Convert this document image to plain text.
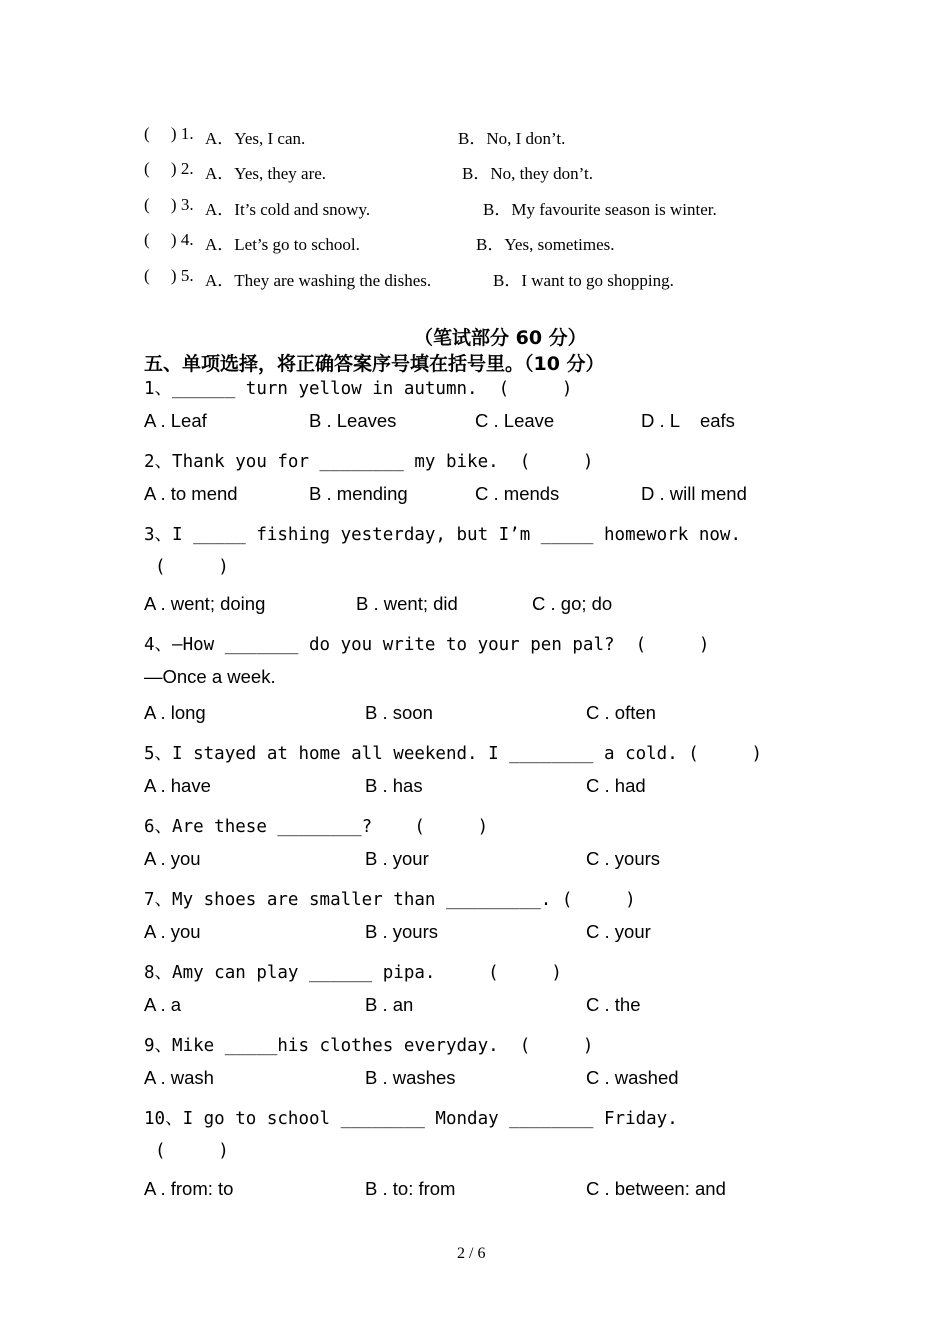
(     ) 1. A．Yes, I can.	B．No, I don’t.
(     ) 2. A．Yes, they are.	B．No, they don’t.
(     ) 3. A．It’s cold and snowy.	B．My favourite season is winter.
(     ) 4. A．Let’s go to school.	B．Yes, sometimes.
(     ) 5. A．They are washing the dishes.	B．I want to go shopping.
（笔试部分 60 分）
五、单项选择，将正确答案序号填在括号里。（10 分）
1、______ turn yellow in autumn.  (     )
A . Leaf	B . Leaves	C . Leave	D . L    eafs
2、Thank you for ________ my bike.  (     )
A . to mend	B . mending	C . mends	D . will mend
3、I _____ fishing yesterday, but I’m _____ homework now.
(     )
A . went; doing	B . went; did	C . go; do
4、—How _______ do you write to your pen pal?  (     )
—Once a week.
A . long	B . soon	C . often
5、I stayed at home all weekend. I ________ a cold. (     )
A . have	B . has	C . had
6、Are these ________?    (     )
A . you	B . your	C . yours
7、My shoes are smaller than _________. (     )
A . you	B . yours	C . your
8、Amy can play ______ pipa.     (     )
A . a	B . an	C . the
9、Mike _____his clothes everyday.  (     )
A . wash	B . washes	C . washed
10、I go to school ________ Monday ________ Friday.
(     )
A . from: to	B . to: from	C . between: and
2 / 6
